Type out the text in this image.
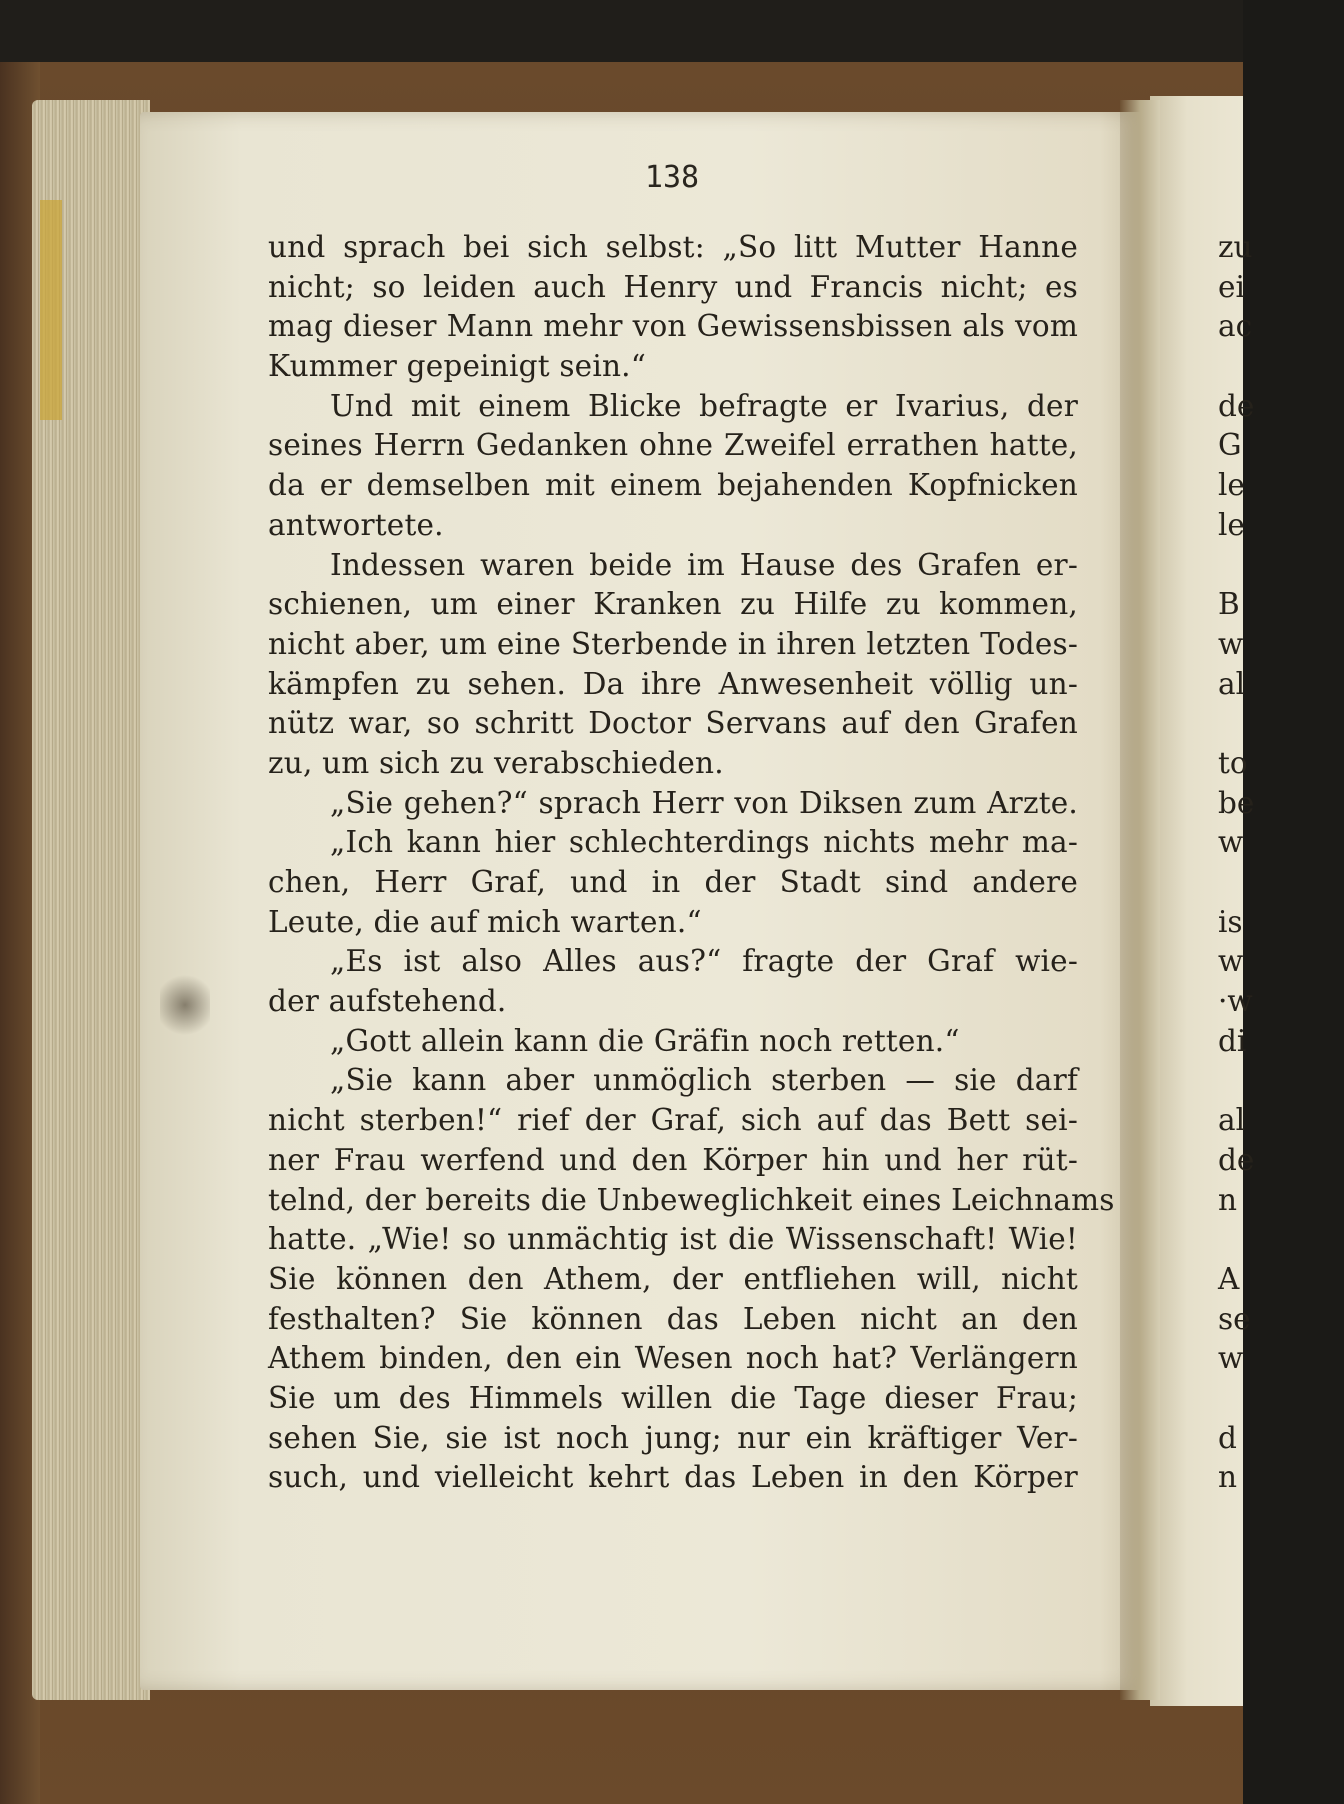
138
und sprach bei sich selbst: „So litt Mutter Hanne
nicht; so leiden auch Henry und Francis nicht; es
mag dieser Mann mehr von Gewissensbissen als vom
Kummer gepeinigt sein.“
Und mit einem Blicke befragte er Ivarius, der
seines Herrn Gedanken ohne Zweifel errathen hatte,
da er demselben mit einem bejahenden Kopfnicken
antwortete.
Indessen waren beide im Hause des Grafen er-
schienen, um einer Kranken zu Hilfe zu kommen,
nicht aber, um eine Sterbende in ihren letzten Todes-
kämpfen zu sehen. Da ihre Anwesenheit völlig un-
nütz war, so schritt Doctor Servans auf den Grafen
zu, um sich zu verabschieden.
„Sie gehen?“ sprach Herr von Diksen zum Arzte.
„Ich kann hier schlechterdings nichts mehr ma-
chen, Herr Graf, und in der Stadt sind andere
Leute, die auf mich warten.“
„Es ist also Alles aus?“ fragte der Graf wie-
der aufstehend.
„Gott allein kann die Gräfin noch retten.“
„Sie kann aber unmöglich sterben — sie darf
nicht sterben!“ rief der Graf, sich auf das Bett sei-
ner Frau werfend und den Körper hin und her rüt-
telnd, der bereits die Unbeweglichkeit eines Leichnams
hatte. „Wie! so unmächtig ist die Wissenschaft! Wie!
Sie können den Athem, der entfliehen will, nicht
festhalten? Sie können das Leben nicht an den
Athem binden, den ein Wesen noch hat? Verlängern
Sie um des Himmels willen die Tage dieser Frau;
sehen Sie, sie ist noch jung; nur ein kräftiger Ver-
such, und vielleicht kehrt das Leben in den Körper
zu
ei
ac
de
G
le
le
B
w
al
to
be
w
is
w
·w
di
al
de
n
A
se
w
d
n
